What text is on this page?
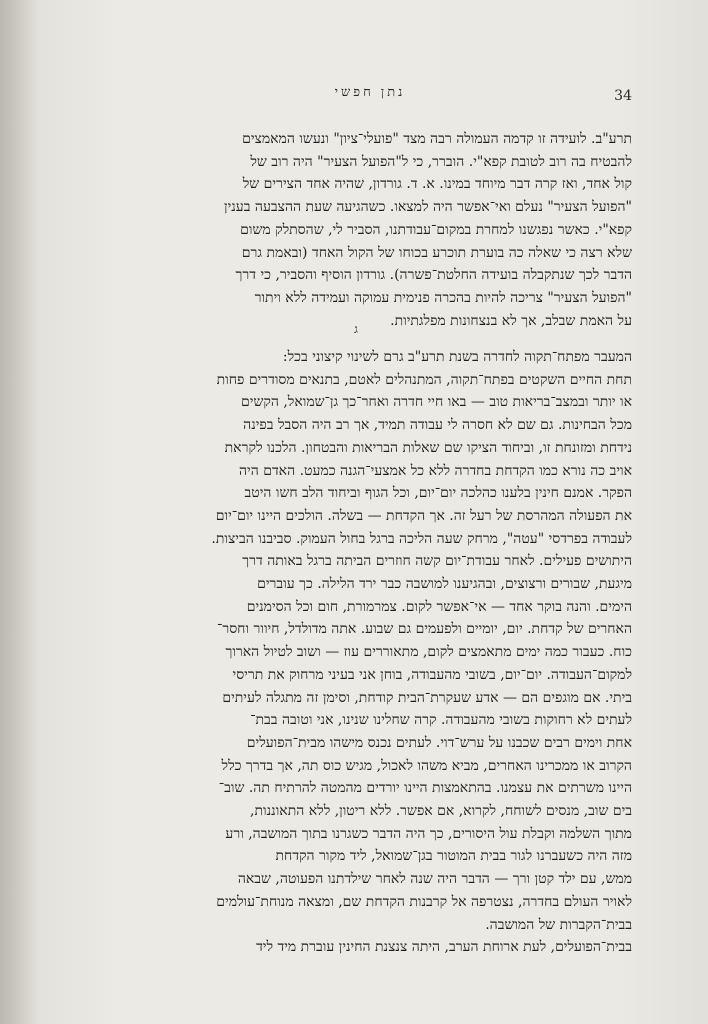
נתן חפשי	34
תרע"ב. לועידה זו קדמה העמולה רבה מצד "פועלי־ציון" ונעשו המאמצים
להבטיח בה רוב לטובת קפא"י. הוברר, כי ל"הפועל הצעיר" היה רוב של
קול אחד, ואז קרה דבר מיוחד במינו. א. ד. גורדון, שהיה אחד הצירים של
"הפועל הצעיר" נעלם ואי־אפשר היה למצאו. כשהגיעה שעת ההצבעה בענין
קפא"י. כאשר נפגשנו למחרת במקום־עבודתנו, הסביר לי, שהסתלק משום
שלא רצה כי שאלה כה בוערת תוכרע בכוחו של הקול האחד (ובאמת גרם
הדבר לכך שנתקבלה בועידה החלטת־פשרה). גורדון הוסיף והסביר, כי דרך
"הפועל הצעיר" צריכה להיות בהכרה פנימית עמוקה ועמידה ללא ויתור
על האמת שבלב, אך לא בנצחונות מפלגתיות.
ג
המעבר מפתח־תקוה לחדרה בשנת תרע"ב גרם לשינוי קיצוני בכל:
תחת החיים השקטים בפתח־תקוה, המתנהלים לאטם, בתנאים מסודרים פחות
או יותר ובמצב־בריאות טוב — באו חיי חדרה ואחר־כך גן־שמואל, הקשים
מכל הבחינות. גם שם לא חסרה לי עבודה תמיד, אך רב היה הסבל בפינה
נידחת ומזונחת זו, וביחוד הציקו שם שאלות הבריאות והבטחון. הלכנו לקראת
אויב כה נורא כמו הקדחת בחדרה ללא כל אמצעי־הגנה כמעט. האדם היה
הפקר. אמנם חינין בלענו כהלכה יום־יום, וכל הגוף וביחוד הלב חשו היטב
את הפעולה המהרסת של רעל זה. אך הקדחת — בשלה. הולכים היינו יום־יום
לעבודה בפרדסי "עטה", מרחק שעה הליכה ברגל בחול העמוק. סביבנו הביצות.
היתושים פעילים. לאחר עבודת־יום קשה חוזרים הביתה ברגל באותה דרך
מיגעת, שבורים ורצוצים, ובהגיענו למושבה כבר ירד הלילה. כך עוברים
הימים. והנה בוקר אחד — אי־אפשר לקום. צמרמורת, חום וכל הסימנים
האחרים של קדחת. יום, יומיים ולפעמים גם שבוע. אתה מדולדל, חיוור וחסר־
כוח. כעבור כמה ימים מתאמצים לקום, מתאוררים עוז — ושוב לטיול הארוך
למקום־העבודה. יום־יום, בשובי מהעבודה, בוחן אני בעיני מרחוק את תריסי
ביתי. אם מוגפים הם — אדע שעקרת־הבית קודחת, וסימן זה מתגלה לעיתים
לעתים לא רחוקות בשובי מהעבודה. קרה שחלינו שנינו, אני וטובה בבת־
אחת וימים רבים שכבנו על ערש־דוי. לעתים נכנס מישהו מבית־הפועלים
הקרוב או ממכרינו האחרים, מביא משהו לאכול, מגיש כוס תה, אך בדרך כלל
היינו משרתים את עצמנו. בהתאמצות היינו יורדים מהמטה להרתיח תה. שוב־
בים שוב, מנסים לשוחח, לקרוא, אם אפשר. ללא ריטון, ללא התאוננות,
מתוך השלמה וקבלת עול היסורים, כך היה הדבר כשגרנו בתוך המושבה, ורע
מזה היה כשעברנו לגור בבית המוטור בגן־שמואל, ליד מקור הקדחת
ממש, עם ילד קטן ורך — הדבר היה שנה לאחר שילדתנו הפעוטה, שבאה
לאויר העולם בחדרה, נצטרפה אל קרבנות הקדחת שם, ומצאה מנוחת־עולמים
בבית־הקברות של המושבה.
בבית־הפועלים, לעת ארוחת הערב, היתה צנצנת החינין עוברת מיד ליד
